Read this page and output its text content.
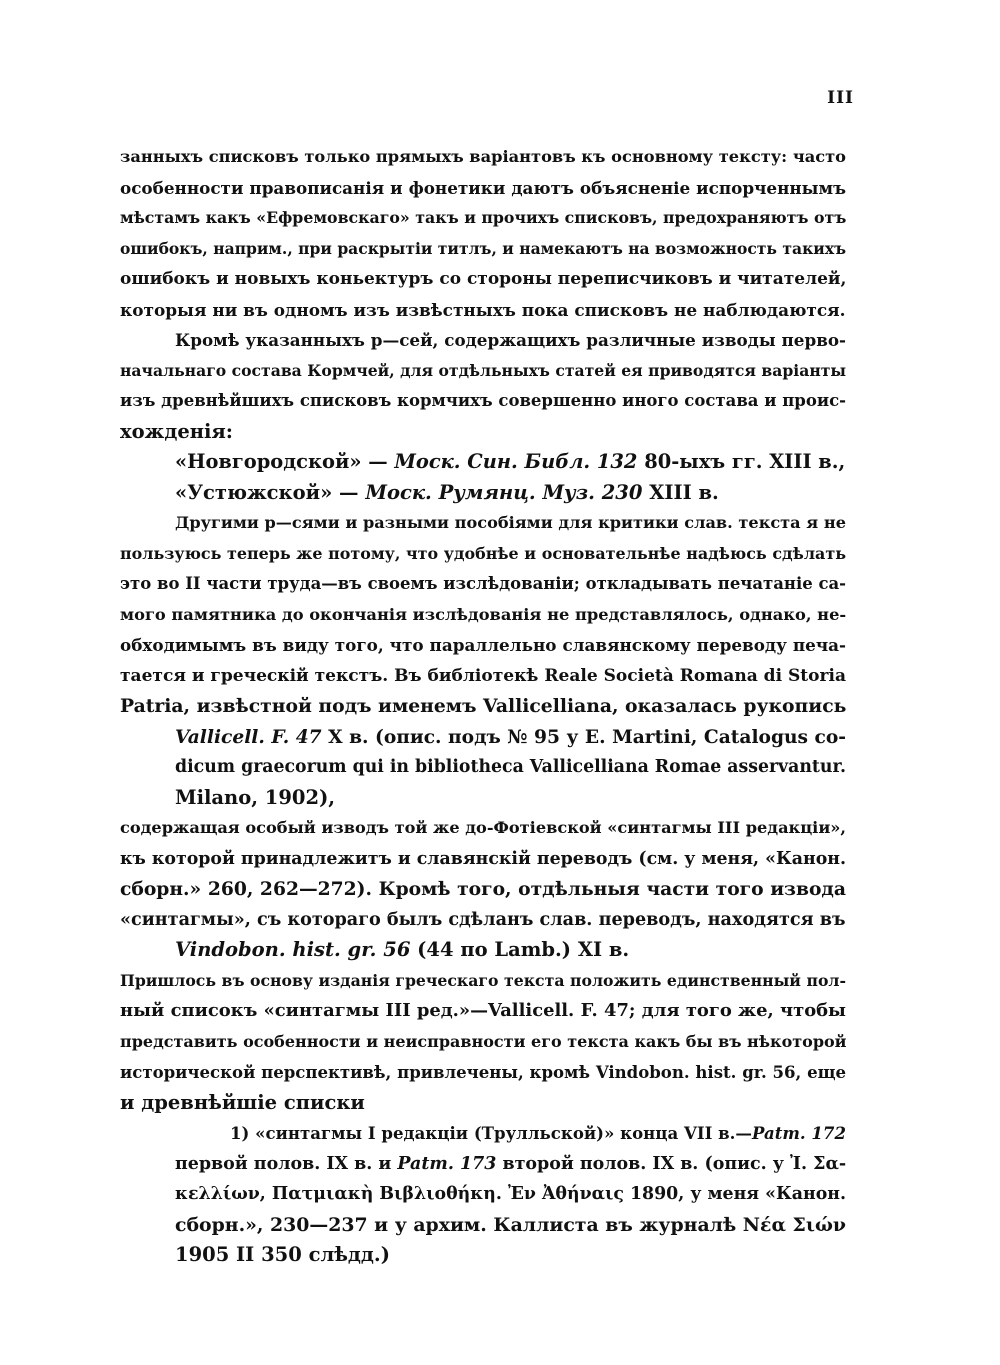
III
занныхъ списковъ только прямыхъ варіантовъ къ основному тексту: часто
особенности правописанія и фонетики даютъ объясненіе испорченнымъ
мѣстамъ какъ «Ефремовскаго» такъ и прочихъ списковъ, предохраняютъ отъ
ошибокъ, наприм., при раскрытіи титлъ, и намекаютъ на возможность такихъ
ошибокъ и новыхъ коньектуръ со стороны переписчиковъ и читателей,
которыя ни въ одномъ изъ извѣстныхъ пока списковъ не наблюдаются.
Кромѣ указанныхъ р—сей, содержащихъ различные изводы перво-
начальнаго состава Кормчей, для отдѣльныхъ статей ея приводятся варіанты
изъ древнѣйшихъ списковъ кормчихъ совершенно иного состава и проис-
хожденія:
«Новгородской» — Моск. Син. Библ. 132 80-ыхъ гг. XIII в.,
«Устюжской» — Моск. Румянц. Муз. 230 XIII в.
Другими р—сями и разными пособіями для критики слав. текста я не
пользуюсь теперь же потому, что удобнѣе и основательнѣе надѣюсь сдѣлать
это во II части труда—въ своемъ изслѣдованіи; откладывать печатаніе са-
мого памятника до окончанія изслѣдованія не представлялось, однако, не-
обходимымъ въ виду того, что параллельно славянскому переводу печа-
тается и греческій текстъ. Въ библіотекѣ Reale Società Romana di Storia
Patria, извѣстной подъ именемъ Vallicelliana, оказалась рукопись
Vallicell. F. 47 X в. (опис. подъ № 95 у E. Martini, Catalogus co-
dicum graecorum qui in bibliotheca Vallicelliana Romae asservantur.
Milano, 1902),
содержащая особый изводъ той же до-Фотіевской «синтагмы III редакціи»,
къ которой принадлежитъ и славянскій переводъ (см. у меня, «Канон.
сборн.» 260, 262—272). Кромѣ того, отдѣльныя части того извода
«синтагмы», съ котораго былъ сдѣланъ слав. переводъ, находятся въ
Vindobon. hist. gr. 56 (44 по Lamb.) XI в.
Пришлось въ основу изданія греческаго текста положить единственный пол-
ный списокъ «синтагмы III ред.»—Vallicell. F. 47; для того же, чтобы
представить особенности и неисправности его текста какъ бы въ нѣкоторой
исторической перспективѣ, привлечены, кромѣ Vindobon. hist. gr. 56, еще
и древнѣйшіе списки
1) «синтагмы I редакціи (Трулльской)» конца VII в.—Patm. 172
первой полов. IX в. и Patm. 173 второй полов. IX в. (опис. у Ἰ. Σα-
κελλίων, Πατμιακὴ Βιβλιοθήκη. Ἐν Ἀθήναις 1890, у меня «Канон.
сборн.», 230—237 и у архим. Каллиста въ журналѣ Νέα Σιών
1905 II 350 слѣдд.)
